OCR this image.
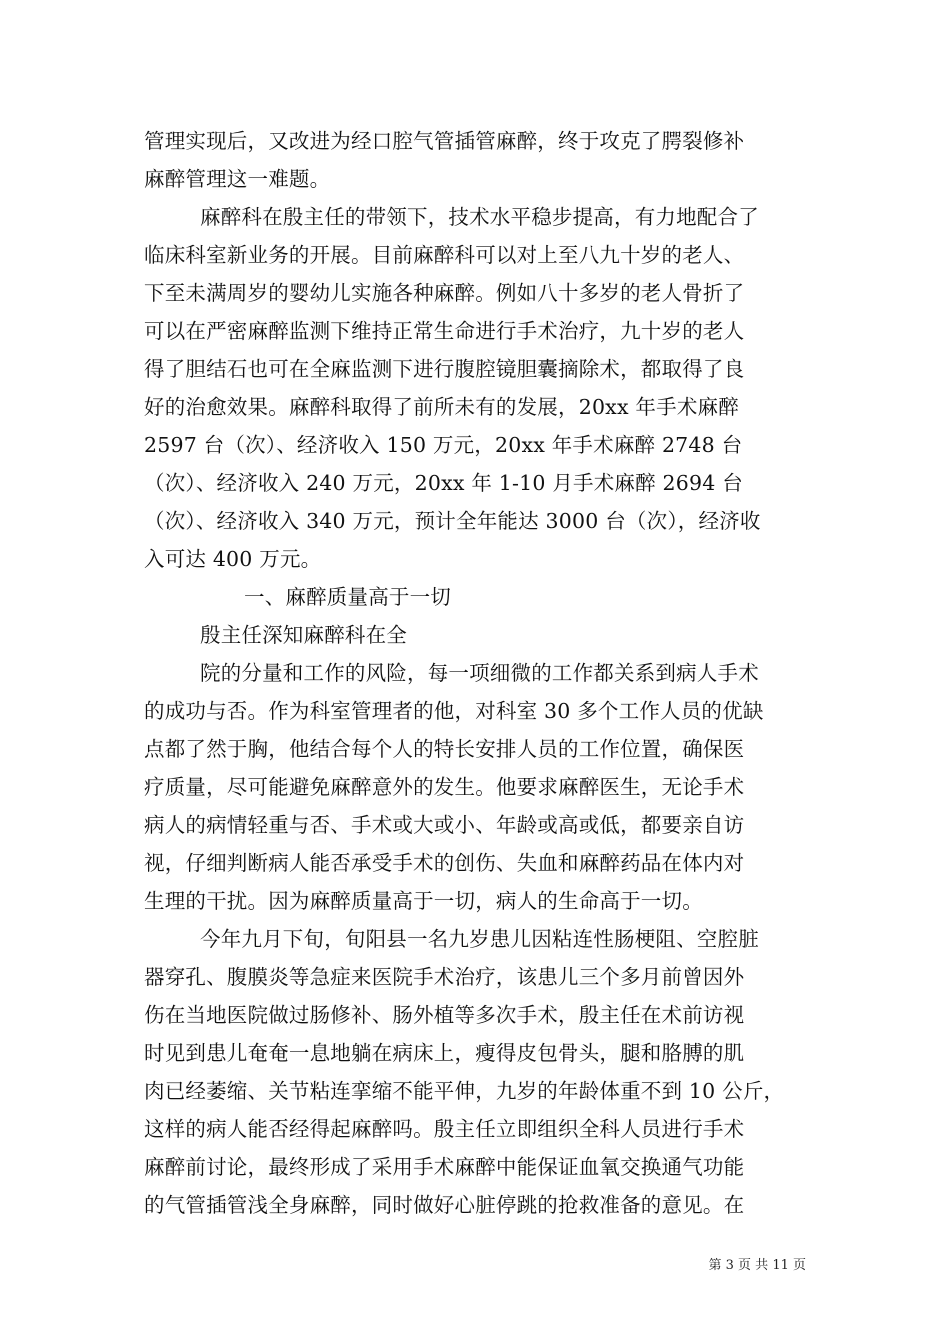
管理实现后，又改进为经口腔气管插管麻醉，终于攻克了腭裂修补
麻醉管理这一难题。
麻醉科在殷主任的带领下，技术水平稳步提高，有力地配合了
临床科室新业务的开展。目前麻醉科可以对上至八九十岁的老人、
下至未满周岁的婴幼儿实施各种麻醉。例如八十多岁的老人骨折了
可以在严密麻醉监测下维持正常生命进行手术治疗，九十岁的老人
得了胆结石也可在全麻监测下进行腹腔镜胆囊摘除术，都取得了良
好的治愈效果。麻醉科取得了前所未有的发展，20xx 年手术麻醉
2597 台（次）、经济收入 150 万元，20xx 年手术麻醉 2748 台
（次）、经济收入 240 万元，20xx 年 1-10 月手术麻醉 2694 台
（次）、经济收入 340 万元，预计全年能达 3000 台（次），经济收
入可达 400 万元。
一、麻醉质量高于一切
殷主任深知麻醉科在全
院的分量和工作的风险，每一项细微的工作都关系到病人手术
的成功与否。作为科室管理者的他，对科室 30 多个工作人员的优缺
点都了然于胸，他结合每个人的特长安排人员的工作位置，确保医
疗质量，尽可能避免麻醉意外的发生。他要求麻醉医生，无论手术
病人的病情轻重与否、手术或大或小、年龄或高或低，都要亲自访
视，仔细判断病人能否承受手术的创伤、失血和麻醉药品在体内对
生理的干扰。因为麻醉质量高于一切，病人的生命高于一切。
今年九月下旬，旬阳县一名九岁患儿因粘连性肠梗阻、空腔脏
器穿孔、腹膜炎等急症来医院手术治疗，该患儿三个多月前曾因外
伤在当地医院做过肠修补、肠外植等多次手术，殷主任在术前访视
时见到患儿奄奄一息地躺在病床上，瘦得皮包骨头，腿和胳膊的肌
肉已经萎缩、关节粘连挛缩不能平伸，九岁的年龄体重不到 10 公斤，
这样的病人能否经得起麻醉吗。殷主任立即组织全科人员进行手术
麻醉前讨论，最终形成了采用手术麻醉中能保证血氧交换通气功能
的气管插管浅全身麻醉，同时做好心脏停跳的抢救准备的意见。在
第 3 页 共 11 页
